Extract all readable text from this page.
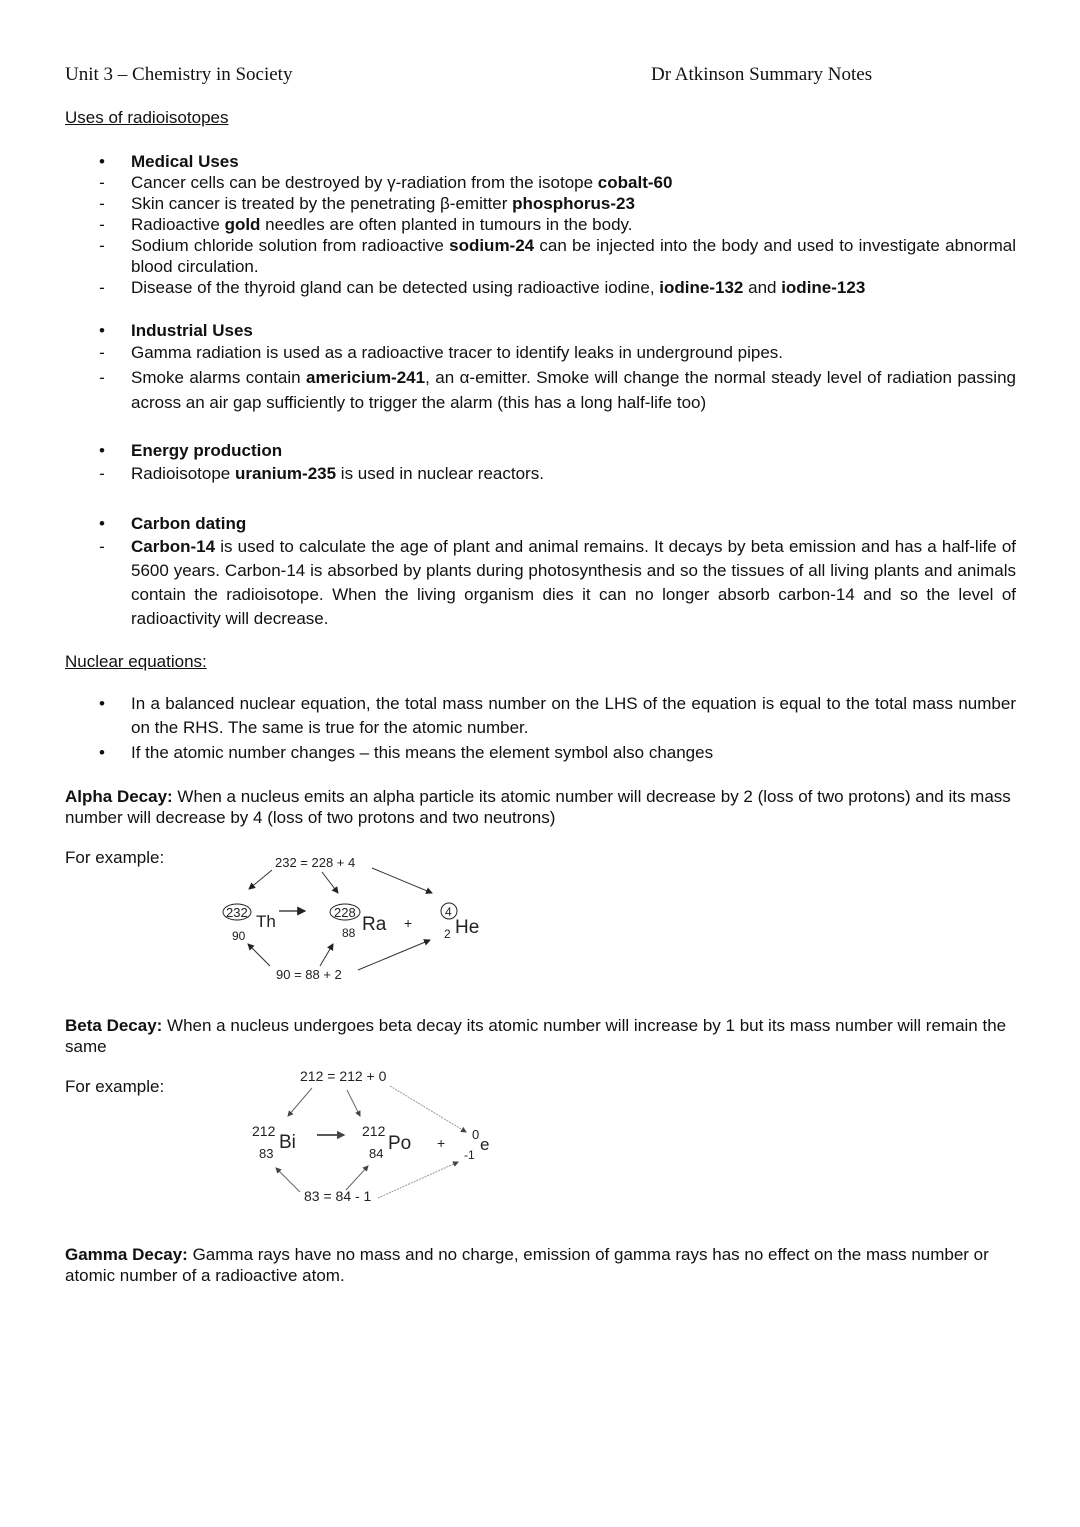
Unit 3 – Chemistry in Society	Dr Atkinson Summary Notes
Uses of radioisotopes
• Medical Uses
- Cancer cells can be destroyed by γ-radiation from the isotope cobalt-60
- Skin cancer is treated by the penetrating β-emitter phosphorus-23
- Radioactive gold needles are often planted in tumours in the body.
- Sodium chloride solution from radioactive sodium-24 can be injected into the body and used to investigate abnormal blood circulation.
- Disease of the thyroid gland can be detected using radioactive iodine, iodine-132 and iodine-123
• Industrial Uses
- Gamma radiation is used as a radioactive tracer to identify leaks in underground pipes.
- Smoke alarms contain americium-241, an α-emitter. Smoke will change the normal steady level of radiation passing across an air gap sufficiently to trigger the alarm (this has a long half-life too)
• Energy production
- Radioisotope uranium-235 is used in nuclear reactors.
• Carbon dating
- Carbon-14 is used to calculate the age of plant and animal remains. It decays by beta emission and has a half-life of 5600 years. Carbon-14 is absorbed by plants during photosynthesis and so the tissues of all living plants and animals contain the radioisotope. When the living organism dies it can no longer absorb carbon-14 and so the level of radioactivity will decrease.
Nuclear equations:
• In a balanced nuclear equation, the total mass number on the LHS of the equation is equal to the total mass number on the RHS. The same is true for the atomic number.
• If the atomic number changes – this means the element symbol also changes
Alpha Decay: When a nucleus emits an alpha particle its atomic number will decrease by 2 (loss of two protons) and its mass number will decrease by 4 (loss of two protons and two neutrons)
For example:	232 = 228 + 4
90 = 88 + 2
232
90
Th	228
88 Ra +
4
2 He
Beta Decay: When a nucleus undergoes beta decay its atomic number will increase by 1 but its mass number will remain the same
For example:
212 = 212 + 0
83 = 84 - 1
212
83
Bi
212
84 Po +
0
-1
e
Gamma Decay: Gamma rays have no mass and no charge, emission of gamma rays has no effect on the mass number or atomic number of a radioactive atom.
